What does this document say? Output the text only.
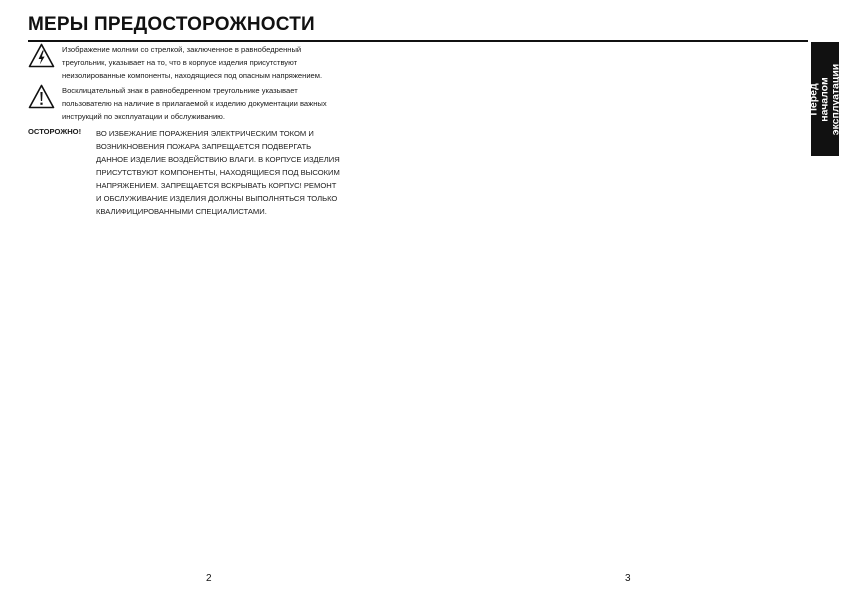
МЕРЫ ПРЕДОСТОРОЖНОСТИ
Изображение молнии со стрелкой, заключенное в равнобедренный
треугольник, указывает на то, что в корпусе изделия присутствуют
неизолированные компоненты, находящиеся под опасным напряжением.
Восклицательный знак в равнобедренном треугольнике указывает
пользователю на наличие в прилагаемой к изделию документации важных
инструкций по эксплуатации и обслуживанию.
ОСТОРОЖНО! ВО ИЗБЕЖАНИЕ ПОРАЖЕНИЯ ЭЛЕКТРИЧЕСКИМ ТОКОМ И
ВОЗНИКНОВЕНИЯ ПОЖАРА ЗАПРЕЩАЕТСЯ ПОДВЕРГАТЬ
ДАННОЕ ИЗДЕЛИЕ ВОЗДЕЙСТВИЮ ВЛАГИ. В КОРПУСЕ ИЗДЕЛИЯ
ПРИСУТСТВУЮТ КОМПОНЕНТЫ, НАХОДЯЩИЕСЯ ПОД ВЫСОКИМ
НАПРЯЖЕНИЕМ. ЗАПРЕЩАЕТСЯ ВСКРЫВАТЬ КОРПУС! РЕМОНТ
И ОБСЛУЖИВАНИЕ ИЗДЕЛИЯ ДОЛЖНЫ ВЫПОЛНЯТЬСЯ ТОЛЬКО
КВАЛИФИЦИРОВАННЫМИ СПЕЦИАЛИСТАМИ.
Перед началом
эксплуатации
2	3
